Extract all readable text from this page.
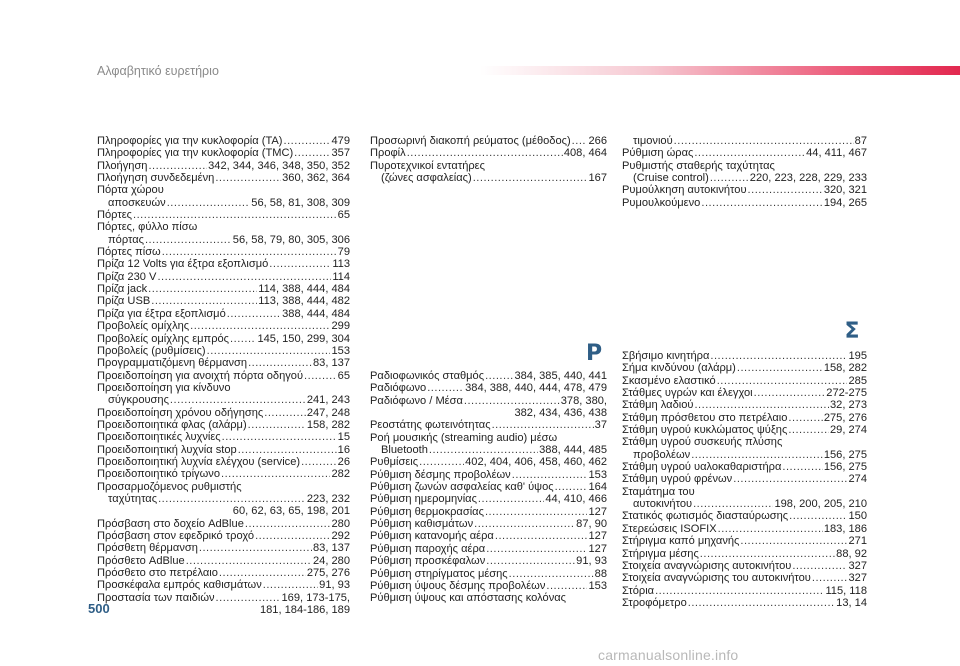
Αλφαβητικό ευρετήριο
Πληροφορίες για την κυκλοφορία (TA) .....	479
Πληροφορίες για την κυκλοφορία (TMC) .....	357
Πλοήγηση .....	342, 344, 346, 348, 350, 352
Πλοήγηση συνδεδεμένη .....	360, 362, 364
Πόρτα χώρου
αποσκευών .....	56, 58, 81, 308, 309
Πόρτες .....	65
Πόρτες, φύλλο πίσω
πόρτας .....	56, 58, 79, 80, 305, 306
Πόρτες πίσω .....	79
Πρίζα 12 Volts για έξτρα εξοπλισμό .....	113
Πρίζα 230 V .....	114
Πρίζα jack .....	114, 388, 444, 484
Πρίζα USB .....	113, 388, 444, 482
Πρίζα για έξτρα εξοπλισμό .....	388, 444, 484
Προβολείς ομίχλης .....	299
Προβολείς ομίχλης εμπρός .....	145, 150, 299, 304
Προβολείς (ρυθμίσεις) .....	153
Προγραμματιζόμενη θέρμανση .....	83, 137
Προειδοποίηση για ανοιχτή πόρτα οδηγού .....	65
Προειδοποίηση για κίνδυνο
σύγκρουσης .....	241, 243
Προειδοποίηση χρόνου οδήγησης .....	247, 248
Προειδοποιητικά φλας (αλάρμ) .....	158, 282
Προειδοποιητικές λυχνίες .....	15
Προειδοποιητική λυχνία stop .....	16
Προειδοποιητική λυχνία ελέγχου (service) .....	26
Προειδοποιητικό τρίγωνο .....	282
Προσαρμοζόμενος ρυθμιστής
ταχύτητας .....	223, 232
60, 62, 63, 65, 198, 201
Πρόσβαση στο δοχείο AdBlue .....	280
Πρόσβαση στον εφεδρικό τροχό .....	292
Πρόσθετη θέρμανση .....	83, 137
Πρόσθετο AdBlue .....	24, 280
Πρόσθετο στο πετρέλαιο .....	275, 276
Προσκέφαλα εμπρός καθισμάτων .....	91, 93
Προστασία των παιδιών .....	169, 173-175,
181, 184-186, 189
Προσωρινή διακοπή ρεύματος (μέθοδος) ..... 266
Προφίλ .....	408, 464
Πυροτεχνικοί εντατήρες
(ζώνες ασφαλείας) .....	167
P
Ραδιοφωνικός σταθμός .....	384, 385, 440, 441
Ραδιόφωνο .....	384, 388, 440, 444, 478, 479
Ραδιόφωνο / Μέσα .....	378, 380,
382, 434, 436, 438
Ρεοστάτης φωτεινότητας .....	37
Ροή μουσικής (streaming audio) μέσω
Bluetooth .....	388, 444, 485
Ρυθμίσεις .....	402, 404, 406, 458, 460, 462
Ρύθμιση δέσμης προβολέων .....	153
Ρύθμιση ζωνών ασφαλείας καθ' ύψος .....	164
Ρύθμιση ημερομηνίας .....	44, 410, 466
Ρύθμιση θερμοκρασίας .....	127
Ρύθμιση καθισμάτων .....	87, 90
Ρύθμιση κατανομής αέρα .....	127
Ρύθμιση παροχής αέρα .....	127
Ρύθμιση προσκέφαλων .....	91, 93
Ρύθμιση στηρίγματος μέσης .....	88
Ρύθμιση ύψους δέσμης προβολέων .....	153
Ρύθμιση ύψους και απόστασης κολόνας
τιμονιού .....	87
Ρύθμιση ώρας .....	44, 411, 467
Ρυθμιστής σταθερής ταχύτητας
(Cruise control) .....	220, 223, 228, 229, 233
Ρυμούλκηση αυτοκινήτου .....	320, 321
Ρυμουλκούμενο .....	194, 265
Σ
Σβήσιμο κινητήρα .....	195
Σήμα κινδύνου (αλάρμ) .....	158, 282
Σκασμένο ελαστικό .....	285
Στάθμες υγρών και έλεγχοι .....	272-275
Στάθμη λαδιού .....	32, 273
Στάθμη πρόσθετου στο πετρέλαιο .....	275, 276
Στάθμη υγρού κυκλώματος ψύξης .....	29, 274
Στάθμη υγρού συσκευής πλύσης
προβολέων .....	156, 275
Στάθμη υγρού υαλοκαθαριστήρα .....	156, 275
Στάθμη υγρού φρένων .....	274
Σταμάτημα του
αυτοκινήτου .....	198, 200, 205, 210
Στατικός φωτισμός διασταύρωσης .....	150
Στερεώσεις ISOFIX .....	183, 186
Στήριγμα καπό μηχανής .....	271
Στήριγμα μέσης .....	88, 92
Στοιχεία αναγνώρισης αυτοκινήτου .....	327
Στοιχεία αναγνώρισης του αυτοκινήτου .....	327
Στόρια .....	115, 118
Στροφόμετρο .....	13, 14
500
carmanualsonline.info
